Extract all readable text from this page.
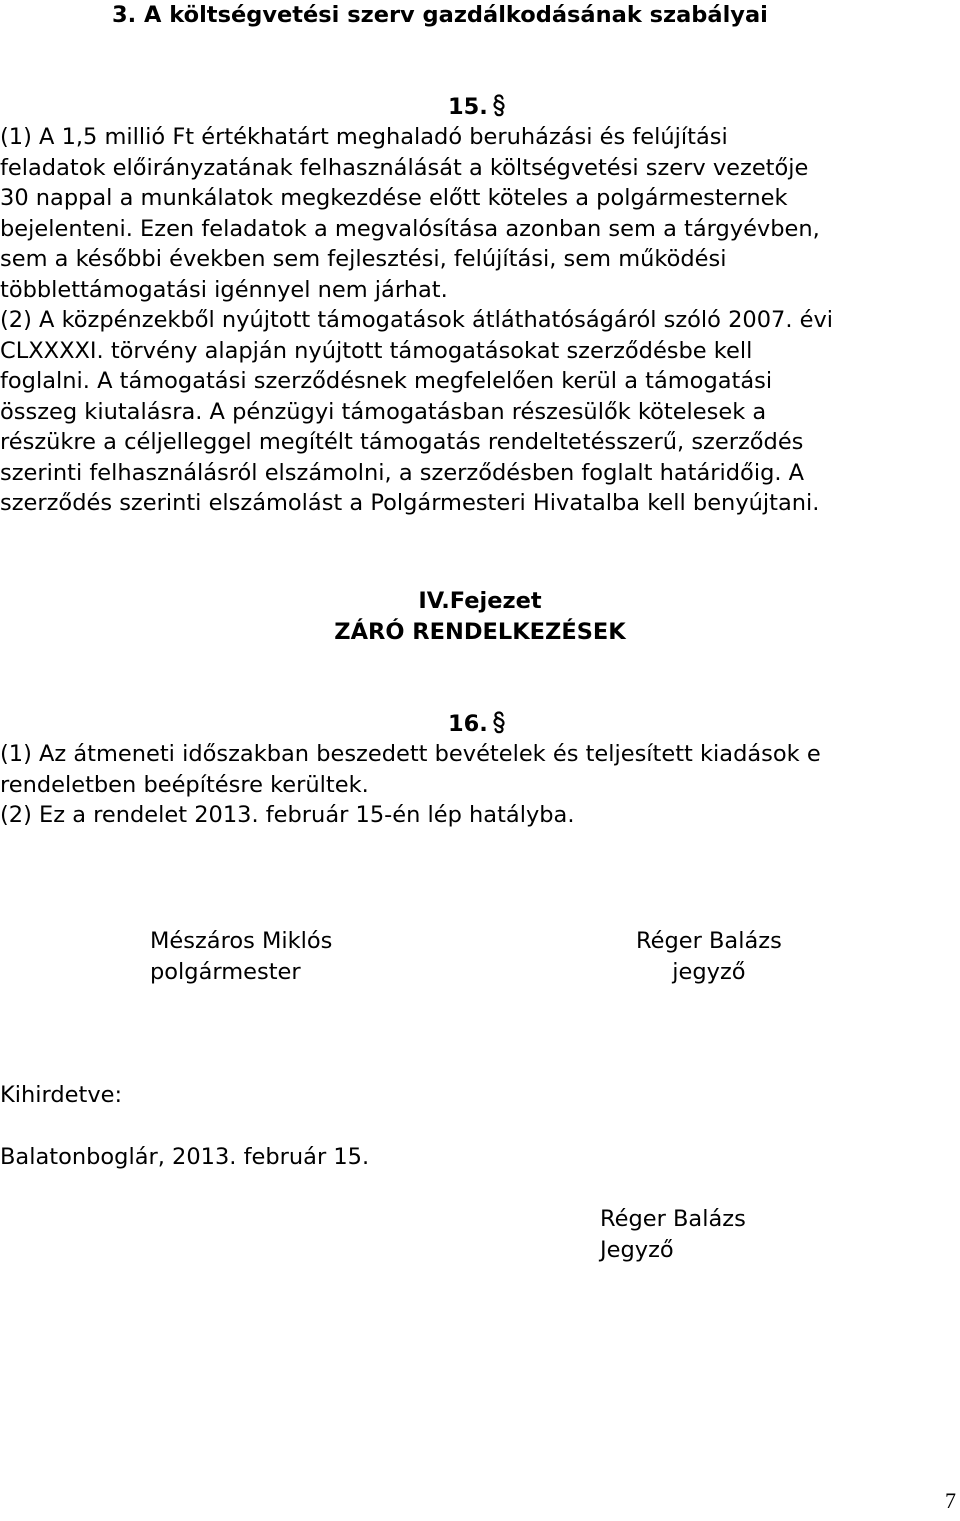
3. A költségvetési szerv gazdálkodásának szabályai
15.
(1) A 1,5 millió Ft értékhatárt meghaladó beruházási és felújítási
feladatok előirányzatának felhasználását a költségvetési szerv vezetője
30 nappal a munkálatok megkezdése előtt köteles a polgármesternek
bejelenteni. Ezen feladatok a megvalósítása azonban sem a tárgyévben,
sem a későbbi években sem fejlesztési, felújítási, sem működési
többlettámogatási igénnyel nem járhat.
(2) A közpénzekből nyújtott támogatások átláthatóságáról szóló 2007. évi
CLXXXXI. törvény alapján nyújtott támogatásokat szerződésbe kell
foglalni. A támogatási szerződésnek megfelelően kerül a támogatási
összeg kiutalásra. A pénzügyi támogatásban részesülők kötelesek a
részükre a céljelleggel megítélt támogatás rendeltetésszerű, szerződés
szerinti felhasználásról elszámolni, a szerződésben foglalt határidőig. A
szerződés szerinti elszámolást a Polgármesteri Hivatalba kell benyújtani.
IV.Fejezet
ZÁRÓ RENDELKEZÉSEK
16.
(1) Az átmeneti időszakban beszedett bevételek és teljesített kiadások e
rendeletben beépítésre kerültek.
(2) Ez a rendelet 2013. február 15-én lép hatályba.
Mészáros Miklós
polgármester
Réger Balázs
jegyző
Kihirdetve:
Balatonboglár, 2013. február 15.
Réger Balázs
Jegyző
7
